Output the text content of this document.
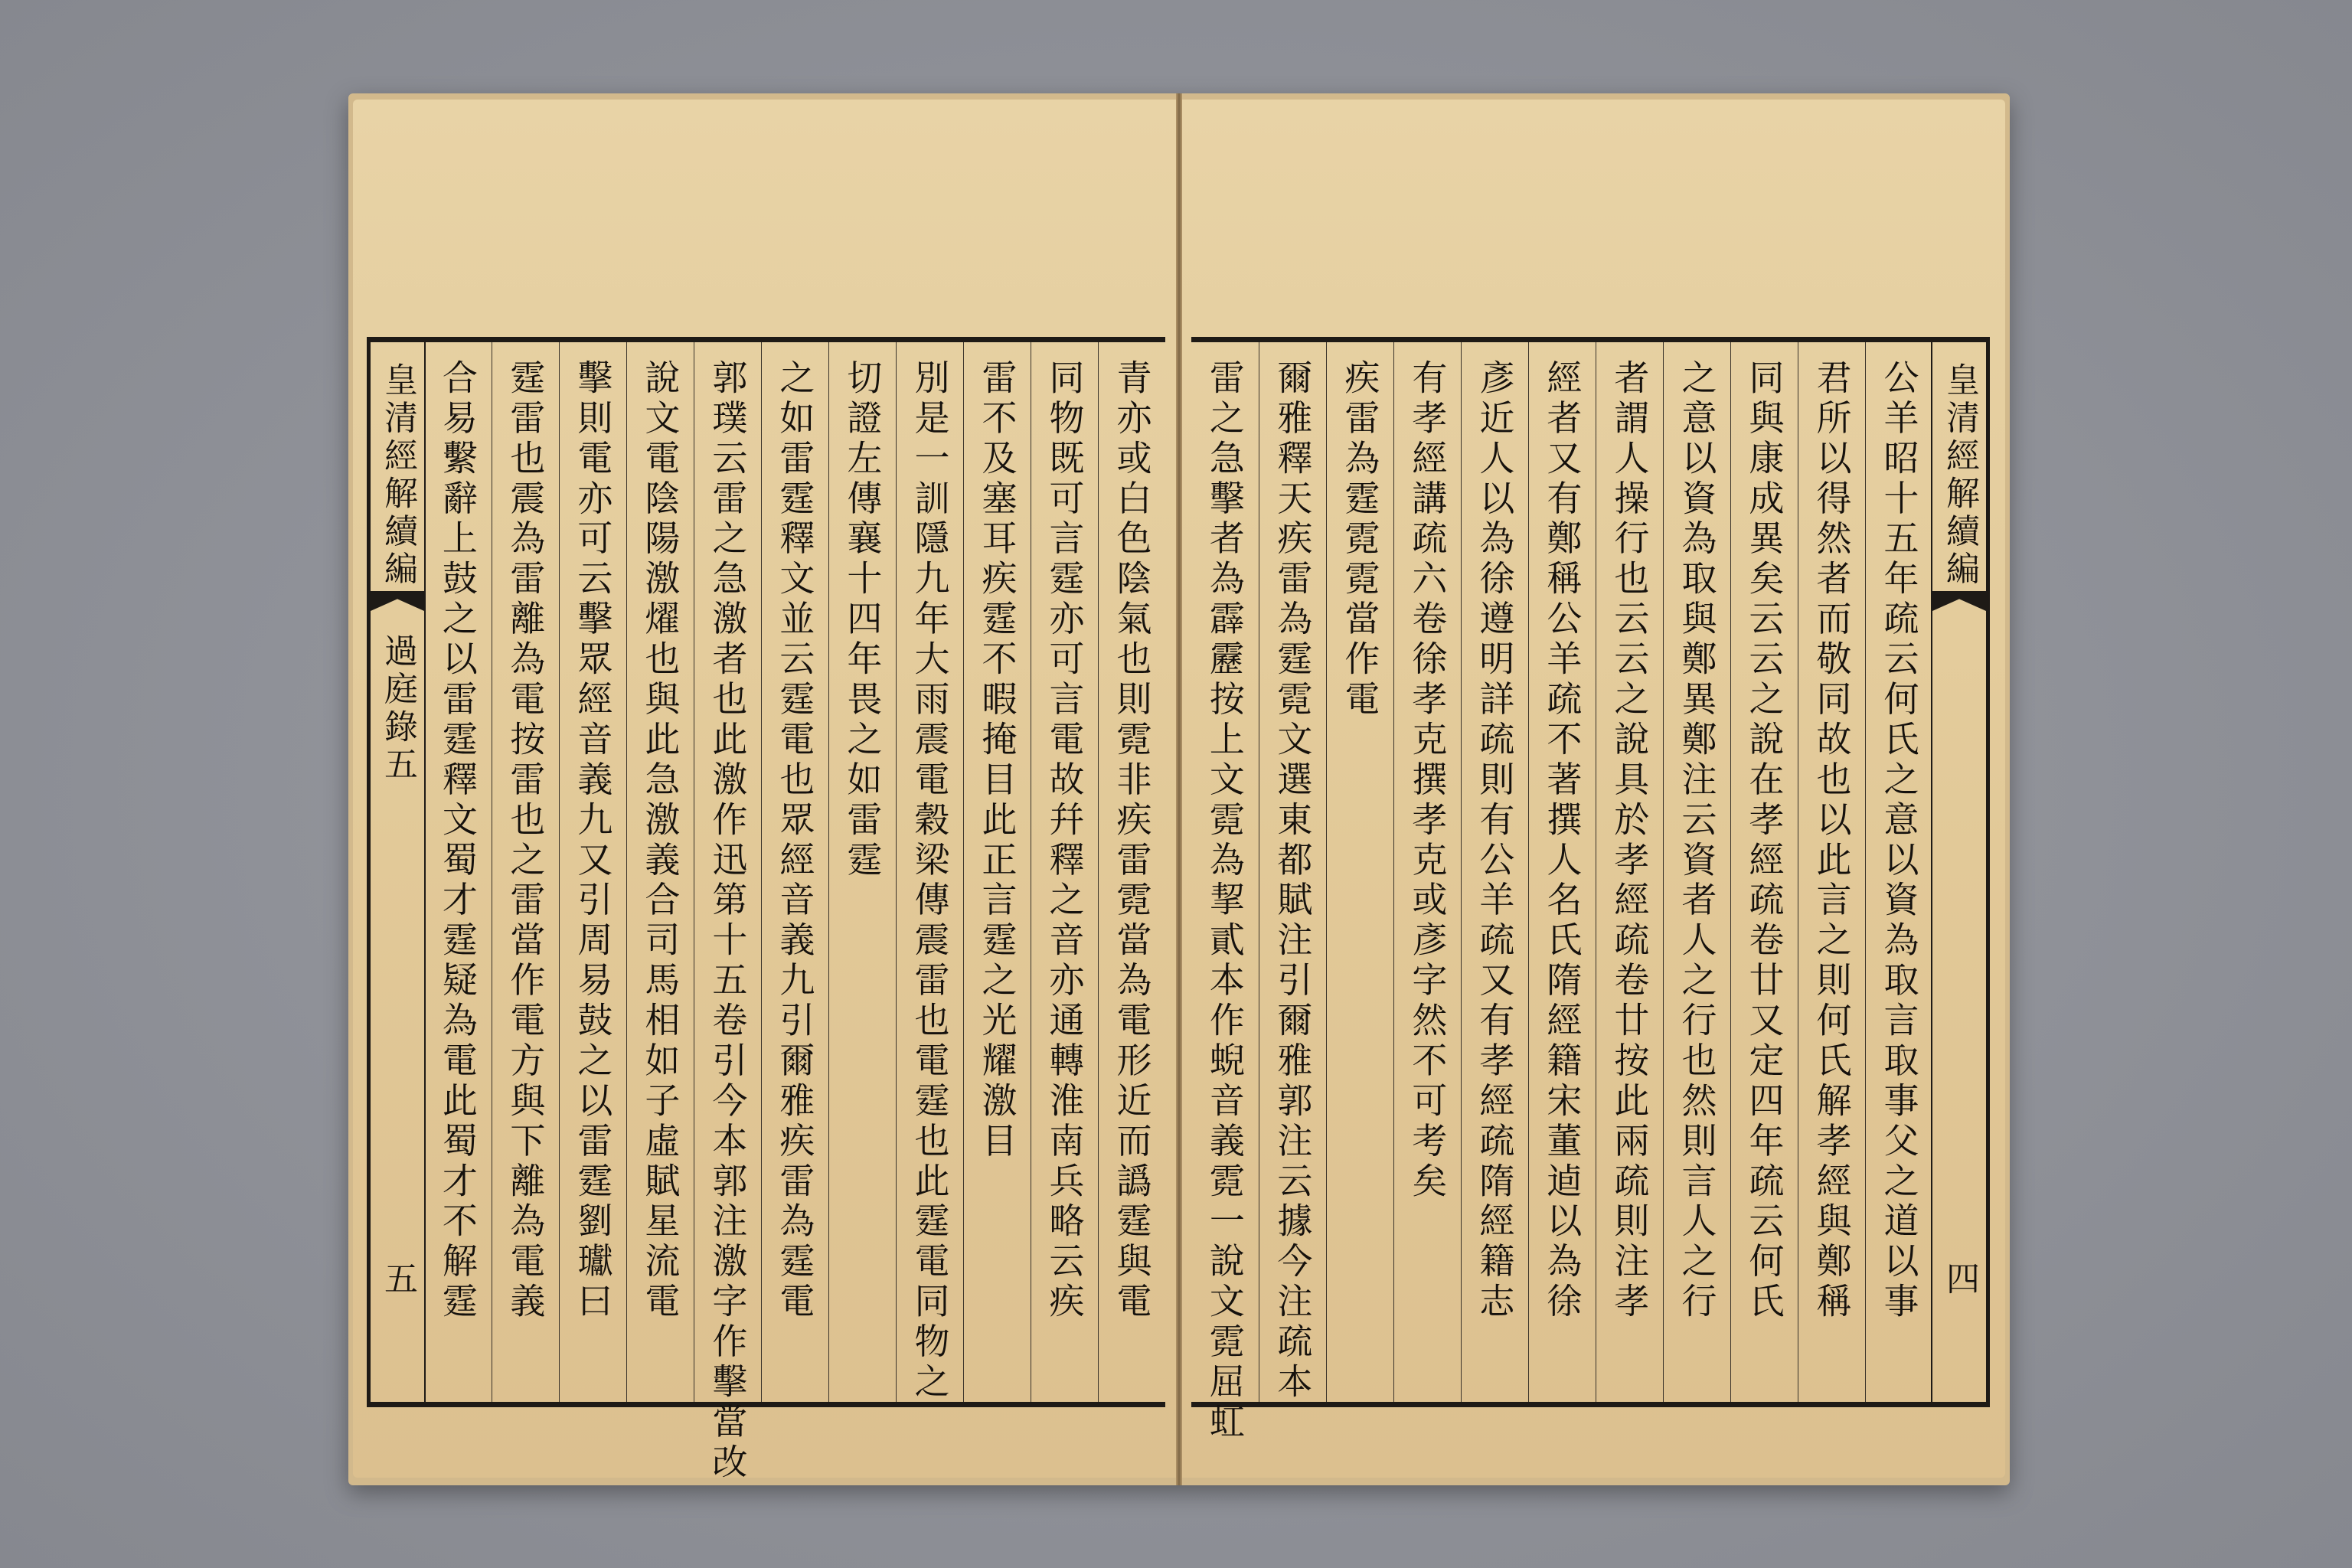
青亦或白色陰氣也則霓非疾雷霓當為電形近而譌霆與電
同物既可言霆亦可言電故幷釋之音亦通轉淮南兵略云疾
雷不及塞耳疾霆不暇掩目此正言霆之光耀激目
別是一訓隱九年大雨震電穀梁傳震雷也電霆也此霆電同物之
切證左傳襄十四年畏之如雷霆
之如雷霆釋文並云霆電也眾經音義九引爾雅疾雷為霆電
郭璞云雷之急激者也此激作迅第十五卷引今本郭注激字作擊當改
說文電陰陽激燿也與此急激義合司馬相如子虛賦星流電
擊則電亦可云擊眾經音義九又引周易鼓之以雷霆劉瓛曰
霆雷也震為雷離為電按雷也之雷當作電方與下離為電義
合易繫辭上鼓之以雷霆釋文蜀才霆疑為電此蜀才不解霆
皇清經解續編
過庭錄五
五	公羊昭十五年疏云何氏之意以資為取言取事父之道以事
君所以得然者而敬同故也以此言之則何氏解孝經與鄭稱
同與康成異矣云云之說在孝經疏卷廿又定四年疏云何氏
之意以資為取與鄭異鄭注云資者人之行也然則言人之行
者謂人操行也云云之說具於孝經疏卷廿按此兩疏則注孝
經者又有鄭稱公羊疏不著撰人名氏隋經籍宋董逌以為徐
彥近人以為徐遵明詳疏則有公羊疏又有孝經疏隋經籍志
有孝經講疏六卷徐孝克撰孝克或彥字然不可考矣
疾雷為霆霓霓當作電
爾雅釋天疾雷為霆霓文選東都賦注引爾雅郭注云據今注疏本
雷之急擊者為霹靂按上文霓為挈貳本作蜺音義霓一說文霓屈虹	皇清經解續編
四
